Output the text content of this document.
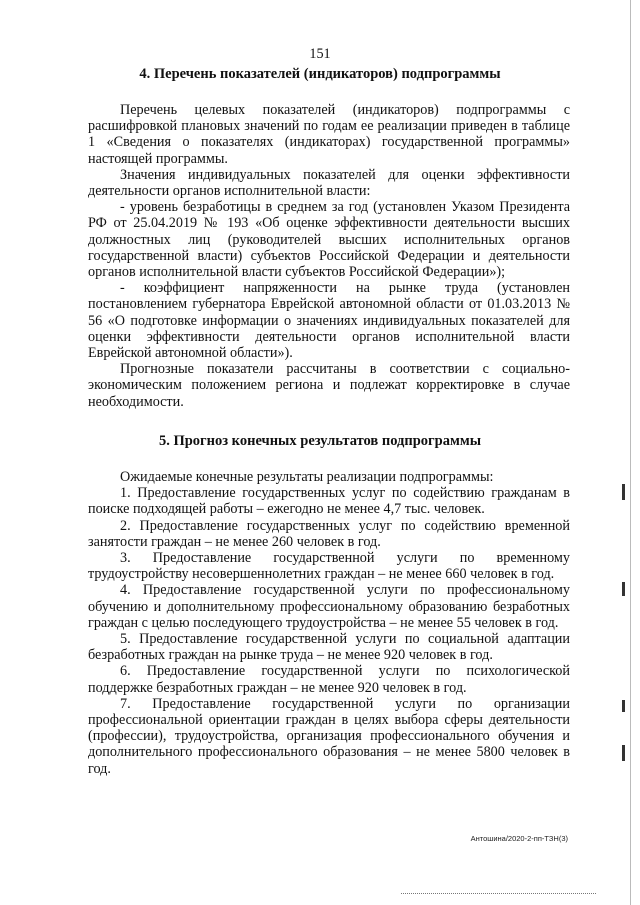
151
4. Перечень показателей (индикаторов) подпрограммы

Перечень целевых показателей (индикаторов) подпрограммы с расшифровкой плановых значений по годам ее реализации приведен в таблице 1 «Сведения о показателях (индикаторах) государственной программы» настоящей программы.

Значения индивидуальных показателей для оценки эффективности деятельности органов исполнительной власти:

- уровень безработицы в среднем за год (установлен Указом Президента РФ от 25.04.2019 № 193 «Об оценке эффективности деятельности высших должностных лиц (руководителей высших исполнительных органов государственной власти) субъектов Российской Федерации и деятельности органов исполнительной власти субъектов Российской Федерации»);

- коэффициент напряженности на рынке труда (установлен постановлением губернатора Еврейской автономной области от 01.03.2013 № 56 «О подготовке информации о значениях индивидуальных показателей для оценки эффективности деятельности органов исполнительной власти Еврейской автономной области»).

Прогнозные показатели рассчитаны в соответствии с социально-экономическим положением региона и подлежат корректировке в случае необходимости.

5. Прогноз конечных результатов подпрограммы

Ожидаемые конечные результаты реализации подпрограммы:

1. Предоставление государственных услуг по содействию гражданам в поиске подходящей работы – ежегодно не менее 4,7 тыс. человек.

2. Предоставление государственных услуг по содействию временной занятости граждан – не менее 260 человек в год.

3. Предоставление государственной услуги по временному трудоустройству несовершеннолетних граждан – не менее 660 человек в год.

4. Предоставление государственной услуги по профессиональному обучению и дополнительному профессиональному образованию безработных граждан с целью последующего трудоустройства – не менее 55 человек в год.

5. Предоставление государственной услуги по социальной адаптации безработных граждан на рынке труда – не менее 920 человек в год.

6. Предоставление государственной услуги по психологической поддержке безработных граждан – не менее 920 человек в год.

7. Предоставление государственной услуги по организации профессиональной ориентации граждан в целях выбора сферы деятельности (профессии), трудоустройства, организация профессионального обучения и дополнительного профессионального образования – не менее 5800 человек в год.

Антошина/2020-2-пп-ТЗН(3)
